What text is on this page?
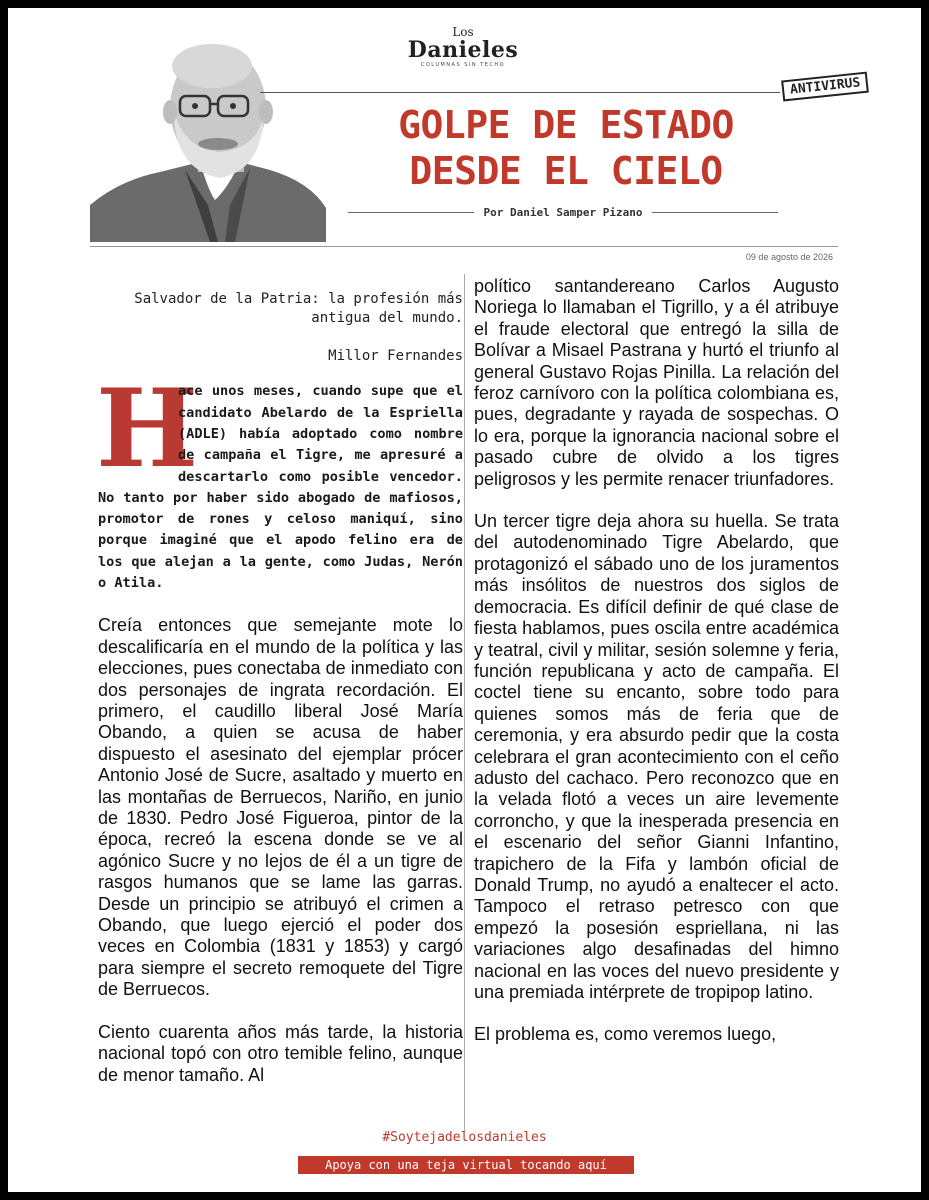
Los
Danieles
COLUMNAS SIN TECHO
ANTIVIRUS
GOLPE DE ESTADO
DESDE EL CIELO
Por Daniel Samper Pizano
09 de agosto de 2026
Salvador de la Patria: la profesión más antigua del mundo.
Millor Fernandes

H
ace unos meses, cuando supe que el candidato Abelardo de la Espriella (ADLE) había adoptado como nombre de campaña el Tigre, me apresuré a descartarlo como posible vencedor. No tanto por haber sido abogado de mafiosos, promotor de rones y celoso maniquí, sino porque imaginé que el apodo felino era de los que alejan a la gente, como Judas, Nerón o Atila.

Creía entonces que semejante mote lo descalificaría en el mundo de la política y las elecciones, pues conectaba de inmediato con dos personajes de ingrata recordación. El primero, el caudillo liberal José María Obando, a quien se acusa de haber dispuesto el asesinato del ejemplar prócer Antonio José de Sucre, asaltado y muerto en las montañas de Berruecos, Nariño, en junio de 1830. Pedro José Figueroa, pintor de la época, recreó la escena donde se ve al agónico Sucre y no lejos de él a un tigre de rasgos humanos que se lame las garras. Desde un principio se atribuyó el crimen a Obando, que luego ejerció el poder dos veces en Colombia (1831 y 1853) y cargó para siempre el secreto remoquete del Tigre de Berruecos.

Ciento cuarenta años más tarde, la historia nacional topó con otro temible felino, aunque de menor tamaño. Al

político santandereano Carlos Augusto Noriega lo llamaban el Tigrillo, y a él atribuye el fraude electoral que entregó la silla de Bolívar a Misael Pastrana y hurtó el triunfo al general Gustavo Rojas Pinilla. La relación del feroz carnívoro con la política colombiana es, pues, degradante y rayada de sospechas. O lo era, porque la ignorancia nacional sobre el pasado cubre de olvido a los tigres peligrosos y les permite renacer triunfadores.

Un tercer tigre deja ahora su huella. Se trata del autodenominado Tigre Abelardo, que protagonizó el sábado uno de los juramentos más insólitos de nuestros dos siglos de democracia. Es difícil definir de qué clase de fiesta hablamos, pues oscila entre académica y teatral, civil y militar, sesión solemne y feria, función republicana y acto de campaña. El coctel tiene su encanto, sobre todo para quienes somos más de feria que de ceremonia, y era absurdo pedir que la costa celebrara el gran acontecimiento con el ceño adusto del cachaco. Pero reconozco que en la velada flotó a veces un aire levemente corroncho, y que la inesperada presencia en el escenario del señor Gianni Infantino, trapichero de la Fifa y lambón oficial de Donald Trump, no ayudó a enaltecer el acto. Tampoco el retraso petresco con que empezó la posesión espriellana, ni las variaciones algo desafinadas del himno nacional en las voces del nuevo presidente y una premiada intérprete de tropipop latino.

El problema es, como veremos luego,

#Soytejadelosdanieles
Apoya con una teja virtual tocando aquí
